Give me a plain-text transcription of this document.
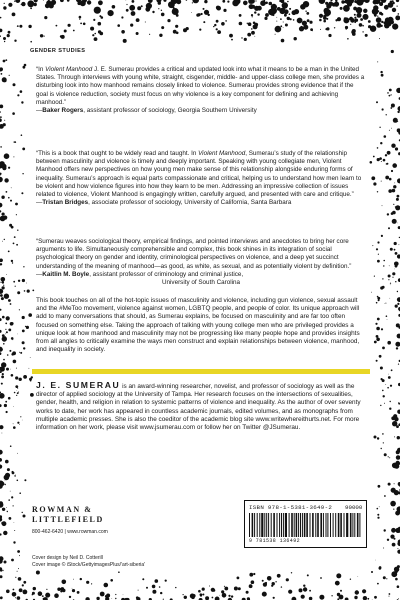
GENDER STUDIES

“In Violent Manhood J. E. Sumerau provides a critical and updated look into what it means to be a man in the United States. Through interviews with young white, straight, cisgender, middle- and upper-class college men, she provides a disturbing look into how manhood remains closely linked to violence. Sumerau provides strong evidence that if the goal is violence reduction, society must focus on why violence is a key component for defining and achieving manhood.”

—Baker Rogers, assistant professor of sociology, Georgia Southern University

“This is a book that ought to be widely read and taught. In Violent Manhood, Sumerau’s study of the relationship between masculinity and violence is timely and deeply important. Speaking with young collegiate men, Violent Manhood offers new perspectives on how young men make sense of this relationship alongside enduring forms of inequality. Sumerau’s approach is equal parts compassionate and critical, helping us to understand how men learn to be violent and how violence figures into how they learn to be men. Addressing an impressive collection of issues related to violence, Violent Manhood is engagingly written, carefully argued, and presented with care and critique.”

—Tristan Bridges, associate professor of sociology, University of California, Santa Barbara

“Sumerau weaves sociological theory, empirical findings, and pointed interviews and anecdotes to bring her core arguments to life. Simultaneously comprehensible and complex, this book shines in its integration of social psychological theory on gender and identity, criminological perspectives on violence, and a deep yet succinct understanding of the meaning of manhood—as good, as white, as sexual, and as potentially violent by definition.”

—Kaitlin M. Boyle, assistant professor of criminology and criminal justice,
University of South Carolina

This book touches on all of the hot-topic issues of masculinity and violence, including gun violence, sexual assault and the #MeToo movement, violence against women, LGBTQ people, and people of color. Its unique approach will add to many conversations that should, as Sumerau explains, be focused on masculinity and are far too often focused on something else. Taking the approach of talking with young college men who are privileged provides a unique look at how manhood and masculinity may not be progressing like many people hope and provides insights from all angles to critically examine the ways men construct and explain relationships between violence, manhood, and inequality in society.
J. E. SUMERAU is an award-winning researcher, novelist, and professor of sociology as well as the director of applied sociology at the University of Tampa. Her research focuses on the intersections of sexualities, gender, health, and religion in relation to systemic patterns of violence and inequality. As the author of over seventy works to date, her work has appeared in countless academic journals, edited volumes, and as monographs from multiple academic presses. She is also the coeditor of the academic blog site www.writewhereithurts.net. For more information on her work, please visit www.jsumerau.com or follow her on Twitter @JSumerau.
ROWMAN &
LITTLEFIELD
800-462-6420 | www.rowman.com
Cover design by Neil D. Cotterill
Cover image © iStock/GettyimagesPlus/'art-siberia'
ISBN 978-1-5381-3649-2 90000
9 781538 136492
